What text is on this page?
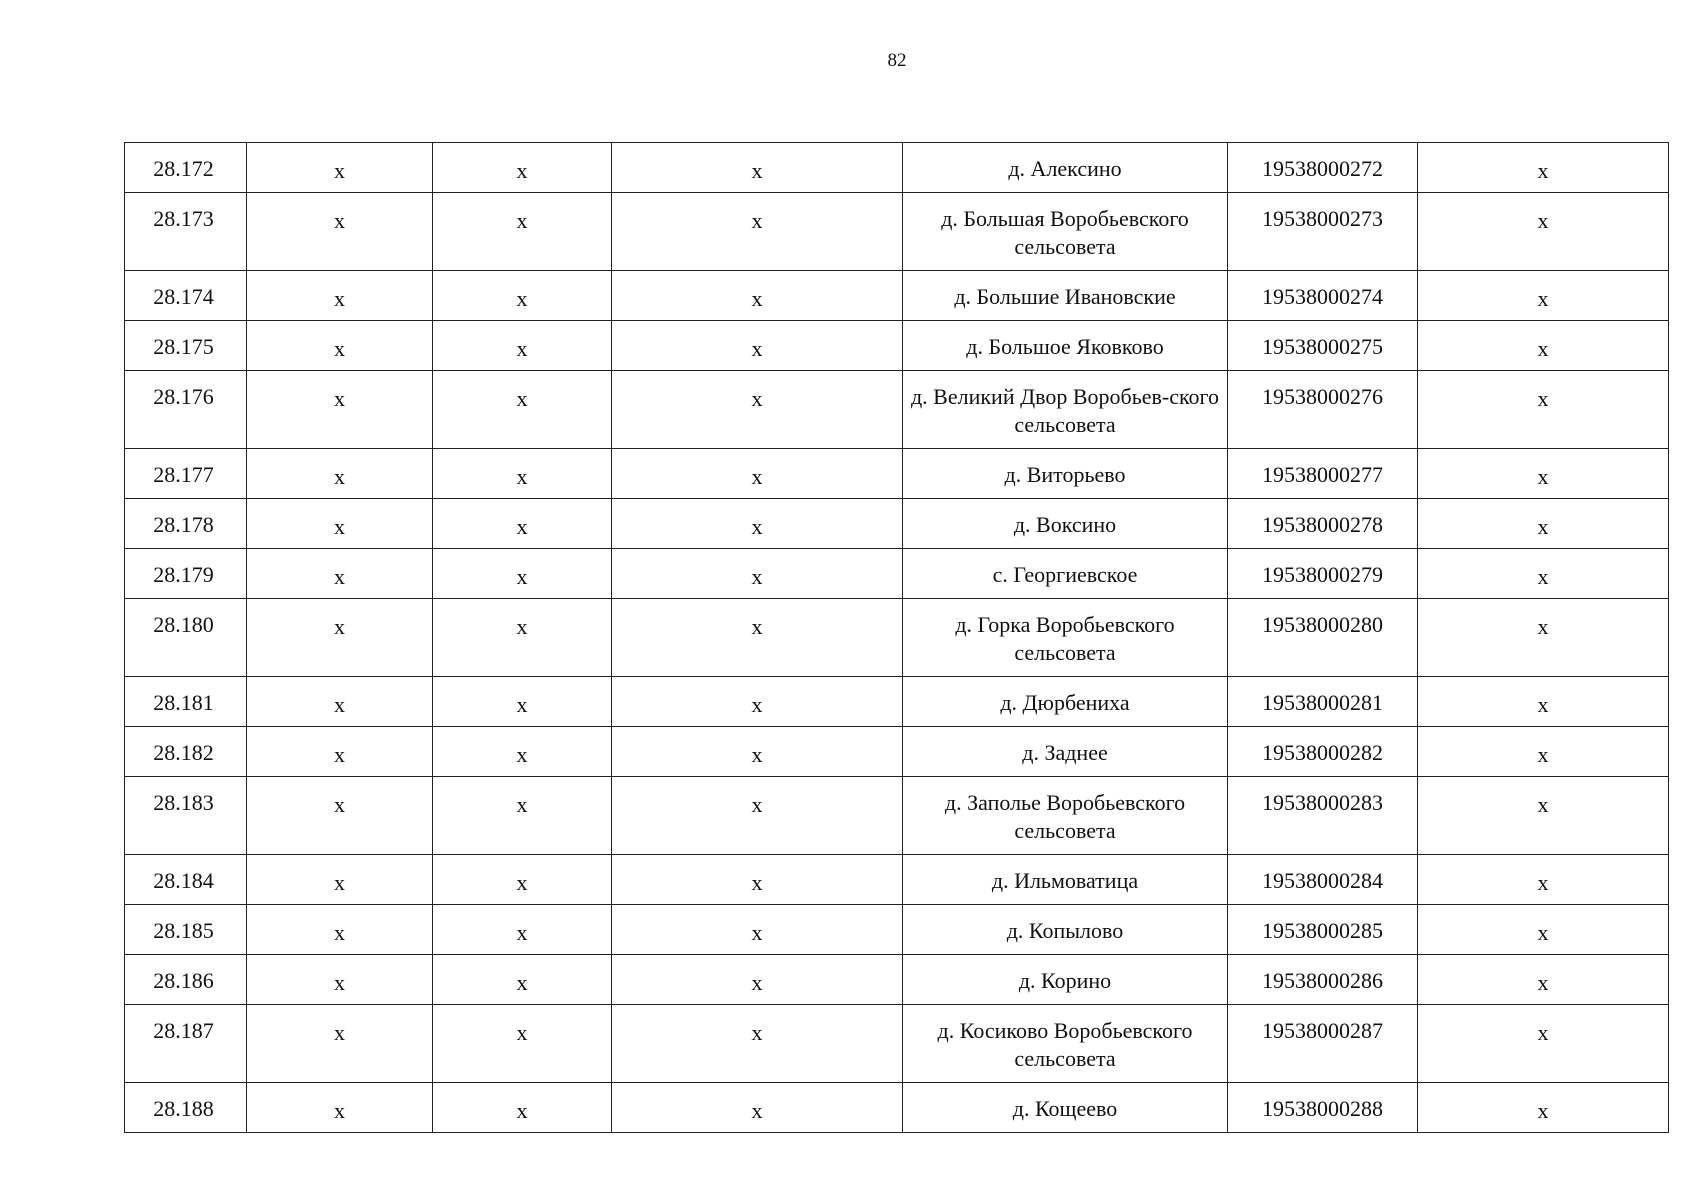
82
28.172	х	х	х	д. Алексино	19538000272	х
28.173	х	х	х	д. Большая Воробьевского сельсовета	19538000273	х
28.174	х	х	х	д. Большие Ивановские	19538000274	х
28.175	х	х	х	д. Большое Яковково	19538000275	х
28.176	х	х	х	д. Великий Двор Воробьев-ского сельсовета	19538000276	х
28.177	х	х	х	д. Виторьево	19538000277	х
28.178	х	х	х	д. Воксино	19538000278	х
28.179	х	х	х	с. Георгиевское	19538000279	х
28.180	х	х	х	д. Горка Воробьевского сельсовета	19538000280	х
28.181	х	х	х	д. Дюрбениха	19538000281	х
28.182	х	х	х	д. Заднее	19538000282	х
28.183	х	х	х	д. Заполье Воробьевского сельсовета	19538000283	х
28.184	х	х	х	д. Ильмоватица	19538000284	х
28.185	х	х	х	д. Копылово	19538000285	х
28.186	х	х	х	д. Корино	19538000286	х
28.187	х	х	х	д. Косиково Воробьевского сельсовета	19538000287	х
28.188	х	х	х	д. Кощеево	19538000288	х
